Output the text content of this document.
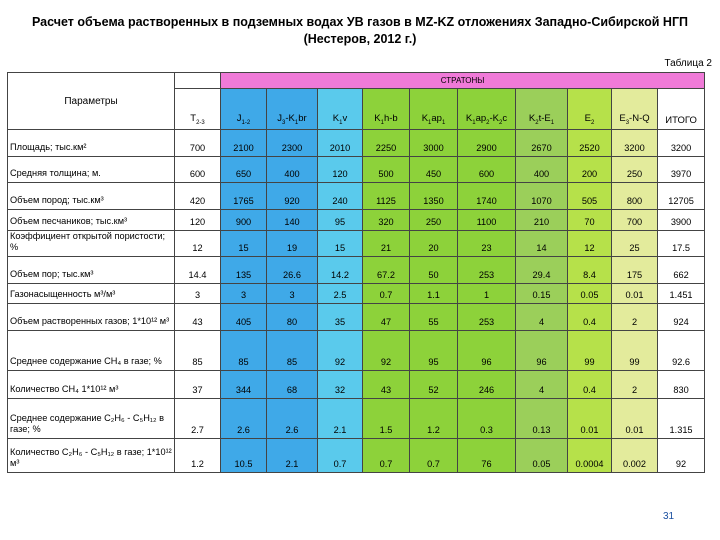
Расчет объема растворенных в подземных водах УВ газов в MZ-KZ отложениях Западно-Сибирской НГП
(Нестеров, 2012 г.)
Таблица 2
Параметры		СТРАТОНЫ									
	$T_{2-3}$	$J_{1-2}$	$J_3-K_1br$	$K_1v$	$K_1h-b$	$K_1ap_1$	$K_1ap_2-K_2c$	$K_2t-E_1$	$E_2$	$E_3-N-Q$	ИТОГО
Площадь; тыс.км²	700	2100	2300	2010	2250	3000	2900	2670	2520	3200	3200
Средняя толщина; м.	600	650	400	120	500	450	600	400	200	250	3970
Объем пород; тыс.км³	420	1765	920	240	1125	1350	1740	1070	505	800	12705
Объем песчаников; тыс.км³	120	900	140	95	320	250	1100	210	70	700	3900
Коэффициент открытой пористости; %	12	15	19	15	21	20	23	14	12	25	17.5
Объем пор; тыс.км³	14.4	135	26.6	14.2	67.2	50	253	29.4	8.4	175	662
Газонасыщенность м³/м³	3	3	3	2.5	0.7	1.1	1	0.15	0.05	0.01	1.451
Объем растворенных газов; 1*10¹² м³	43	405	80	35	47	55	253	4	0.4	2	924
Среднее содержание CH₄ в газе; %	85	85	85	92	92	95	96	96	99	99	92.6
Количество CH₄ 1*10¹² м³	37	344	68	32	43	52	246	4	0.4	2	830
Среднее содержание C₂H₆ - C₅H₁₂ в газе; %	2.7	2.6	2.6	2.1	1.5	1.2	0.3	0.13	0.01	0.01	1.315
Количество C₂H₆ - C₅H₁₂ в газе; 1*10¹² м³	1.2	10.5	2.1	0.7	0.7	0.7	76	0.05	0.0004	0.002	92
31
